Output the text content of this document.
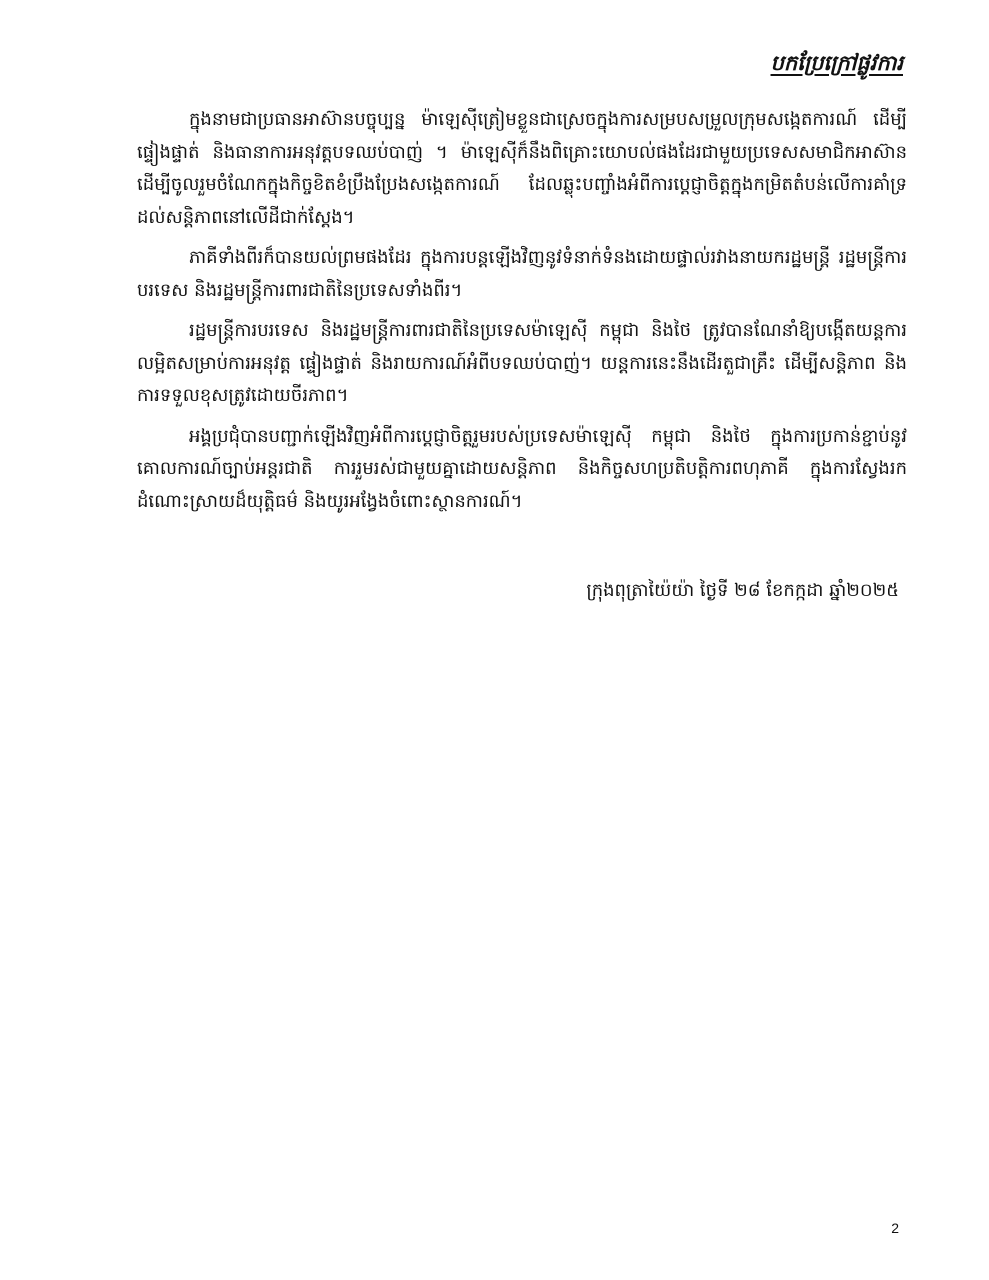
បកប្រែក្រៅផ្លូវការ

ក្នុងនាមជាប្រធានអាស៊ានបច្ចុប្បន្ន ម៉ាឡេស៊ីត្រៀមខ្លួនជាស្រេចក្នុងការសម្របសម្រួលក្រុមសង្កេតការណ៍ ដើម្បីផ្ទៀងផ្ទាត់ និងធានាការអនុវត្តបទឈប់បាញ់ ។ ម៉ាឡេស៊ីក៏នឹងពិគ្រោះយោបល់ផងដែរជាមួយប្រទេសសមាជិកអាស៊ាន ដើម្បីចូលរួមចំណែកក្នុងកិច្ចខិតខំប្រឹងប្រែងសង្កេតការណ៍ ដែលឆ្លុះបញ្ចាំងអំពីការប្តេជ្ញាចិត្តក្នុងកម្រិតតំបន់លើការគាំទ្រដល់សន្តិភាពនៅលើដីជាក់ស្តែង។

ភាគីទាំងពីរក៏បានយល់ព្រមផងដែរ ក្នុងការបន្តឡើងវិញនូវទំនាក់ទំនងដោយផ្ទាល់រវាងនាយករដ្ឋមន្ត្រី រដ្ឋមន្ត្រីការបរទេស និងរដ្ឋមន្ត្រីការពារជាតិនៃប្រទេសទាំងពីរ។

រដ្ឋមន្ត្រីការបរទេស និងរដ្ឋមន្ត្រីការពារជាតិនៃប្រទេសម៉ាឡេស៊ី កម្ពុជា និងថៃ ត្រូវបានណែនាំឱ្យបង្កើតយន្តការលម្អិតសម្រាប់ការអនុវត្ត ផ្ទៀងផ្ទាត់ និងរាយការណ៍អំពីបទឈប់បាញ់។ យន្តការនេះនឹងដើរតួជាគ្រឹះ ដើម្បីសន្តិភាព និងការទទួលខុសត្រូវដោយចីរភាព។

អង្គប្រជុំបានបញ្ជាក់ឡើងវិញអំពីការប្តេជ្ញាចិត្តរួមរបស់ប្រទេសម៉ាឡេស៊ី កម្ពុជា និងថៃ ក្នុងការប្រកាន់ខ្ជាប់នូវគោលការណ៍ច្បាប់អន្តរជាតិ ការរួមរស់ជាមួយគ្នាដោយសន្តិភាព និងកិច្ចសហប្រតិបត្តិការពហុភាគី ក្នុងការស្វែងរកដំណោះស្រាយដ៏យុត្តិធម៌ និងយូរអង្វែងចំពោះស្ថានការណ៍។

ក្រុងពុត្រាយ៉ៃយ៉ា ថ្ងៃទី ២៨ ខែកក្កដា ឆ្នាំ២០២៥
2
